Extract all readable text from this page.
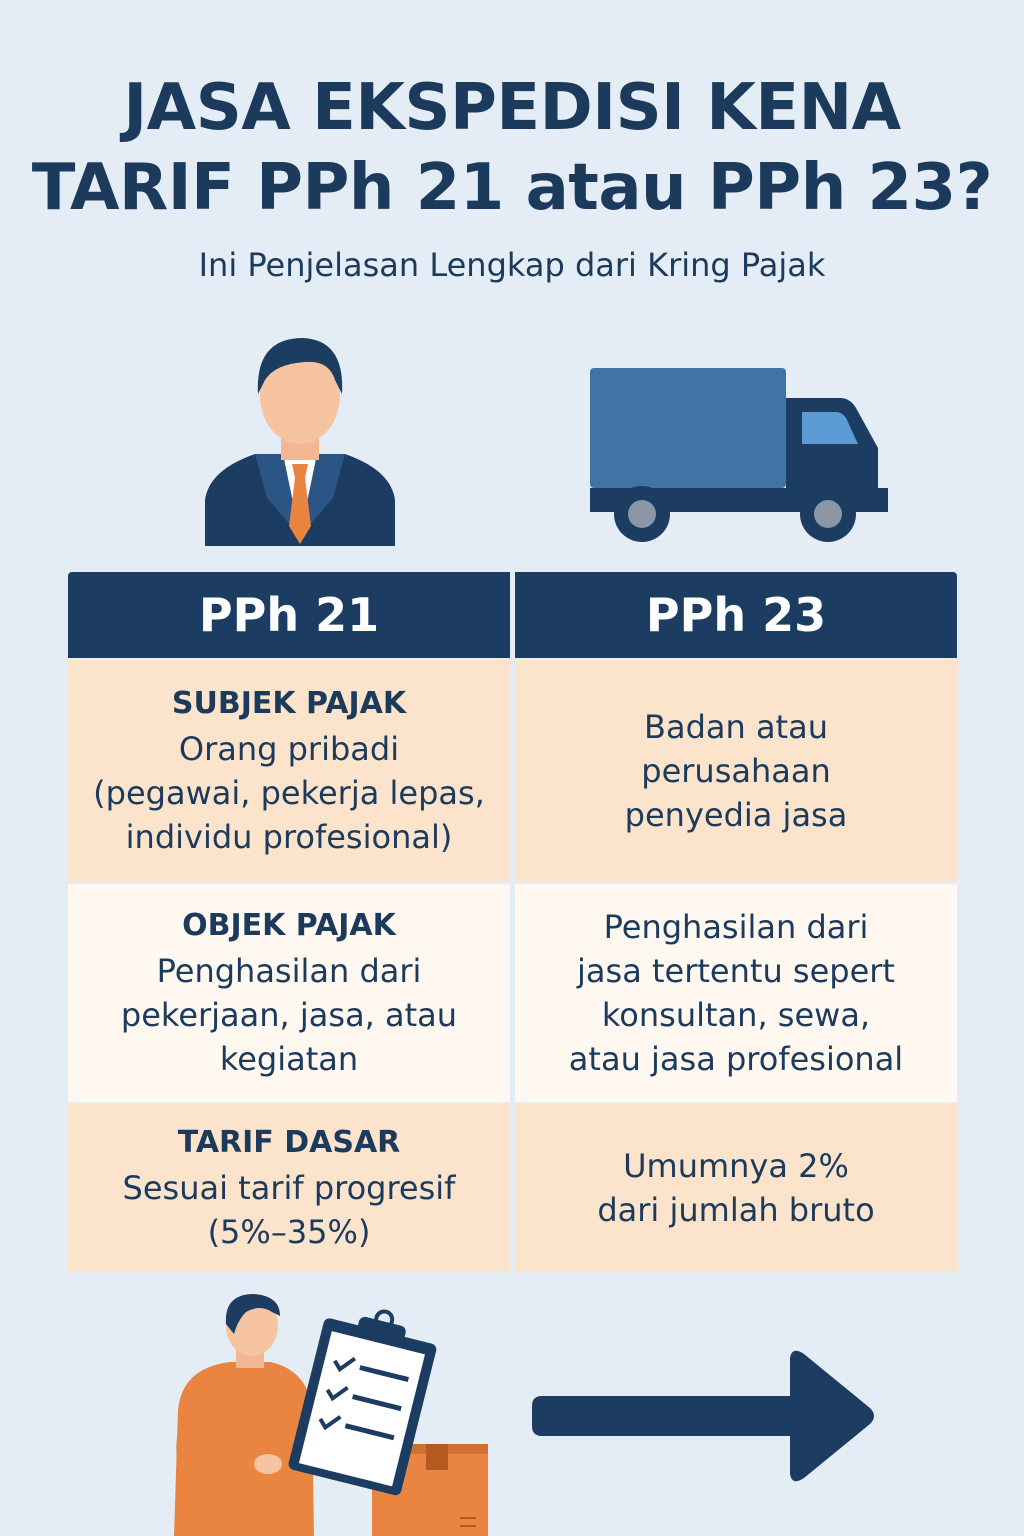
JASA EKSPEDISI KENA
TARIF PPh 21 atau PPh 23?
Ini Penjelasan Lengkap dari Kring Pajak
PPh 21	PPh 23
SUBJEK PAJAK
Orang pribadi
(pegawai, pekerja lepas,
individu profesional)
Badan atau
perusahaan
penyedia jasa
OBJEK PAJAK
Penghasilan dari
pekerjaan, jasa, atau
kegiatan
Penghasilan dari
jasa tertentu sepert
konsultan, sewa,
atau jasa profesional
TARIF DASAR
Sesuai tarif progresif
(5%–35%)
Umumnya 2%
dari jumlah bruto
